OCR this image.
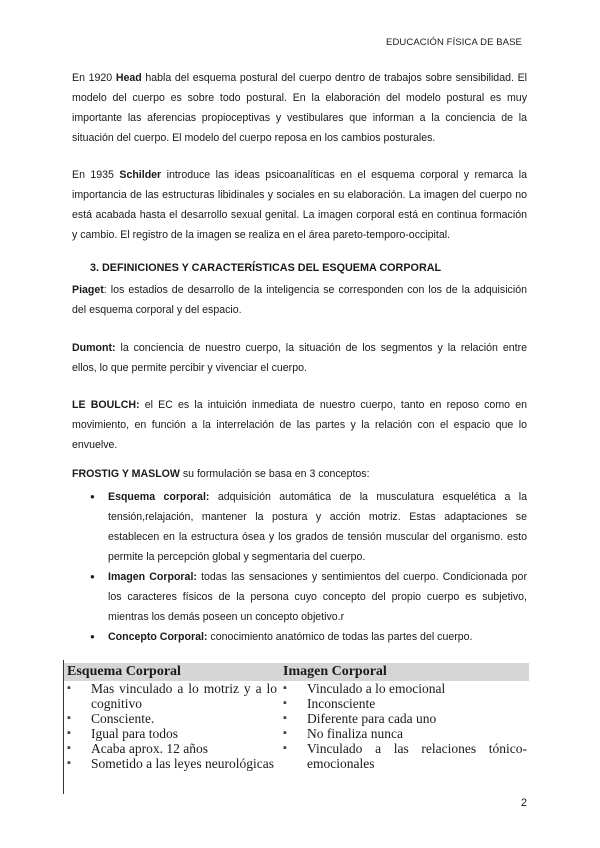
EDUCACIÓN FÍSICA DE BASE

En 1920 Head habla del esquema postural del cuerpo dentro de trabajos sobre sensibilidad. El modelo del cuerpo es sobre todo postural. En la elaboración del modelo postural es muy importante las aferencias propioceptivas y vestibulares que informan a la conciencia de la situación del cuerpo. El modelo del cuerpo reposa en los cambios posturales.

En 1935 Schilder introduce las ideas psicoanalíticas en el esquema corporal y remarca la importancia de las estructuras libidinales y sociales en su elaboración. La imagen del cuerpo no está acabada hasta el desarrollo sexual genital. La imagen corporal está en continua formación y cambio. El registro de la imagen se realiza en el área pareto-temporo-occipital.

3. DEFINICIONES Y CARACTERÍSTICAS DEL ESQUEMA CORPORAL

Piaget: los estadios de desarrollo de la inteligencia se corresponden con los de la adquisición del esquema corporal y del espacio.

Dumont: la conciencia de nuestro cuerpo, la situación de los segmentos y la relación entre ellos, lo que permite percibir y vivenciar el cuerpo.

LE BOULCH: el EC es la intuición inmediata de nuestro cuerpo, tanto en reposo como en movimiento, en función a la interrelación de las partes y la relación con el espacio que lo envuelve.

FROSTIG Y MASLOW su formulación se basa en 3 conceptos:

● Esquema corporal: adquisición automática de la musculatura esquelética a la tensión,relajación, mantener la postura y acción motriz. Estas adaptaciones se establecen en la estructura ósea y los grados de tensión muscular del organismo. esto permite la percepción global y segmentaria del cuerpo.
● Imagen Corporal: todas las sensaciones y sentimientos del cuerpo. Condicionada por los caracteres físicos de la persona cuyo concepto del propio cuerpo es subjetivo, mientras los demás poseen un concepto objetivo.r
● Concepto Corporal: conocimiento anatómico de todas las partes del cuerpo.
Esquema Corporal
▪ Mas vinculado a lo motriz y a lo cognitivo
▪ Consciente.
▪ Igual para todos
▪ Acaba aprox. 12 años
▪ Sometido a las leyes neurológicas
Imagen Corporal
▪ Vinculado a lo emocional
▪ Inconsciente
▪ Diferente para cada uno
▪ No finaliza nunca
▪ Vinculado a las relaciones tónico-emocionales
2
